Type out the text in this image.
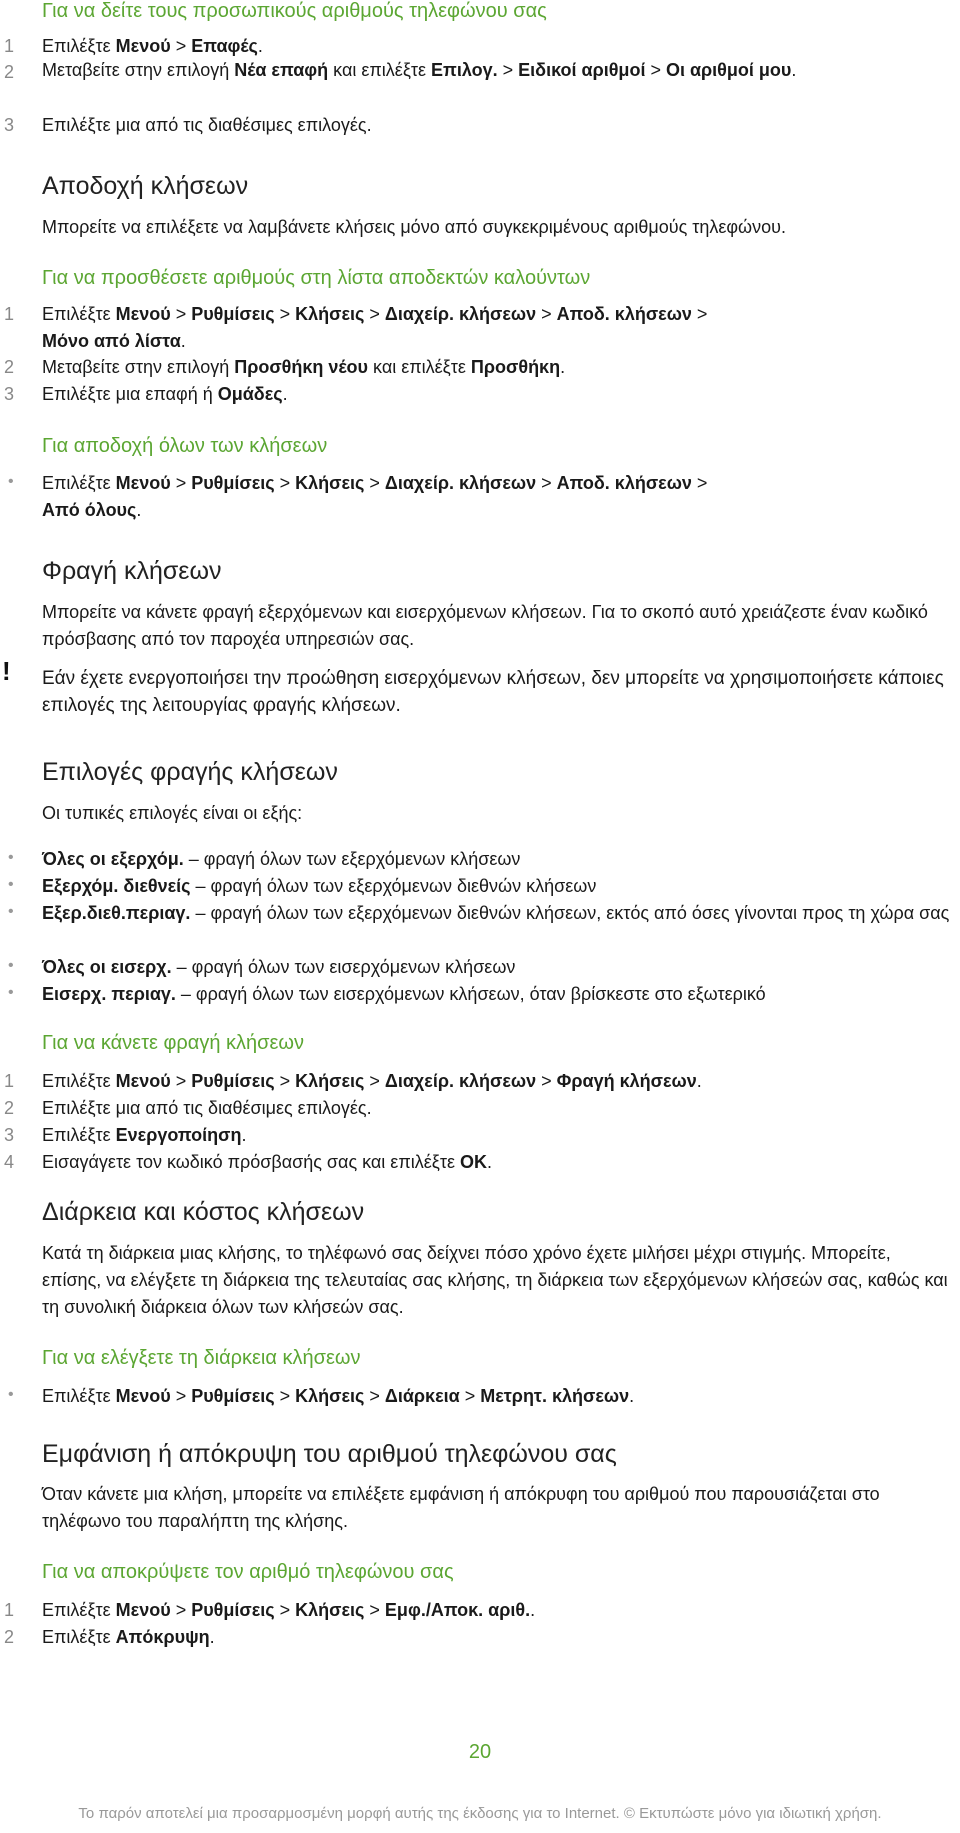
Για να δείτε τους προσωπικούς αριθμούς τηλεφώνου σας
1	Επιλέξτε Μενού > Επαφές.
2	Μεταβείτε στην επιλογή Νέα επαφή και επιλέξτε Επιλογ. > Ειδικοί αριθμοί > Οι αριθμοί μου.
3	Επιλέξτε μια από τις διαθέσιμες επιλογές.
Αποδοχή κλήσεων
Μπορείτε να επιλέξετε να λαμβάνετε κλήσεις μόνο από συγκεκριμένους αριθμούς τηλεφώνου.
Για να προσθέσετε αριθμούς στη λίστα αποδεκτών καλούντων
1	Επιλέξτε Μενού > Ρυθμίσεις > Κλήσεις > Διαχείρ. κλήσεων > Αποδ. κλήσεων >
Μόνο από λίστα.
2	Μεταβείτε στην επιλογή Προσθήκη νέου και επιλέξτε Προσθήκη.
3	Επιλέξτε μια επαφή ή Ομάδες.
Για αποδοχή όλων των κλήσεων
• Επιλέξτε Μενού > Ρυθμίσεις > Κλήσεις > Διαχείρ. κλήσεων > Αποδ. κλήσεων >
Από όλους.
Φραγή κλήσεων
Μπορείτε να κάνετε φραγή εξερχόμενων και εισερχόμενων κλήσεων. Για το σκοπό αυτό χρειάζεστε έναν κωδικό πρόσβασης από τον παροχέα υπηρεσιών σας.
! Εάν έχετε ενεργοποιήσει την προώθηση εισερχόμενων κλήσεων, δεν μπορείτε να χρησιμοποιήσετε κάποιες επιλογές της λειτουργίας φραγής κλήσεων.
Επιλογές φραγής κλήσεων
Οι τυπικές επιλογές είναι οι εξής:
• Όλες οι εξερχόμ. – φραγή όλων των εξερχόμενων κλήσεων
• Εξερχόμ. διεθνείς – φραγή όλων των εξερχόμενων διεθνών κλήσεων
• Εξερ.διεθ.περιαγ. – φραγή όλων των εξερχόμενων διεθνών κλήσεων, εκτός από όσες γίνονται προς τη χώρα σας
• Όλες οι εισερχ. – φραγή όλων των εισερχόμενων κλήσεων
• Εισερχ. περιαγ. – φραγή όλων των εισερχόμενων κλήσεων, όταν βρίσκεστε στο εξωτερικό
Για να κάνετε φραγή κλήσεων
1	Επιλέξτε Μενού > Ρυθμίσεις > Κλήσεις > Διαχείρ. κλήσεων > Φραγή κλήσεων.
2	Επιλέξτε μια από τις διαθέσιμες επιλογές.
3	Επιλέξτε Ενεργοποίηση.
4	Εισαγάγετε τον κωδικό πρόσβασής σας και επιλέξτε OK.
Διάρκεια και κόστος κλήσεων
Κατά τη διάρκεια μιας κλήσης, το τηλέφωνό σας δείχνει πόσο χρόνο έχετε μιλήσει μέχρι στιγμής. Μπορείτε, επίσης, να ελέγξετε τη διάρκεια της τελευταίας σας κλήσης, τη διάρκεια των εξερχόμενων κλήσεών σας, καθώς και τη συνολική διάρκεια όλων των κλήσεών σας.
Για να ελέγξετε τη διάρκεια κλήσεων
• Επιλέξτε Μενού > Ρυθμίσεις > Κλήσεις > Διάρκεια > Μετρητ. κλήσεων.
Εμφάνιση ή απόκρυψη του αριθμού τηλεφώνου σας
Όταν κάνετε μια κλήση, μπορείτε να επιλέξετε εμφάνιση ή απόκρυφη του αριθμού που παρουσιάζεται στο τηλέφωνο του παραλήπτη της κλήσης.
Για να αποκρύψετε τον αριθμό τηλεφώνου σας
1	Επιλέξτε Μενού > Ρυθμίσεις > Κλήσεις > Εμφ./Αποκ. αριθ..
2	Επιλέξτε Απόκρυψη.
20
Το παρόν αποτελεί μια προσαρμοσμένη μορφή αυτής της έκδοσης για το Internet. © Εκτυπώστε μόνο για ιδιωτική χρήση.
